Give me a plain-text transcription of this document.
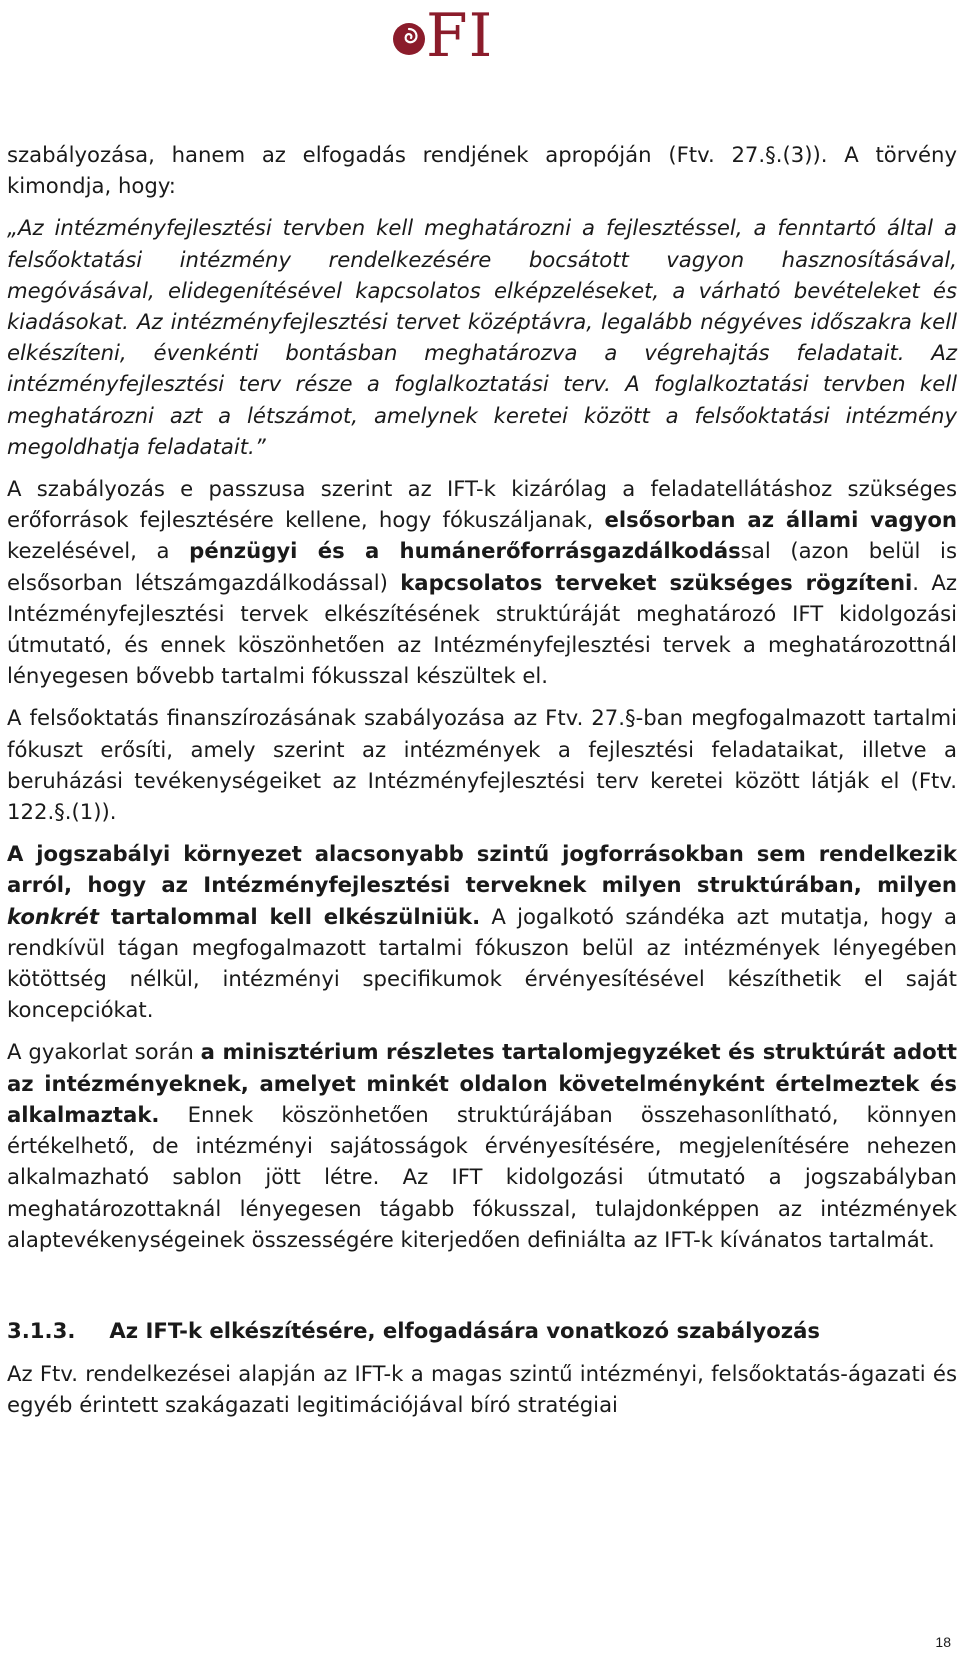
FI

szabályozása, hanem az elfogadás rendjének apropóján (Ftv. 27.§.(3)). A törvény kimondja, hogy:

„Az intézményfejlesztési tervben kell meghatározni a fejlesztéssel, a fenntartó által a felsőoktatási intézmény rendelkezésére bocsátott vagyon hasznosításával, megóvásával, elidegenítésével kapcsolatos elképzeléseket, a várható bevételeket és kiadásokat. Az intézményfejlesztési tervet középtávra, legalább négyéves időszakra kell elkészíteni, évenkénti bontásban meghatározva a végrehajtás feladatait. Az intézményfejlesztési terv része a foglalkoztatási terv. A foglalkoztatási tervben kell meghatározni azt a létszámot, amelynek keretei között a felsőoktatási intézmény megoldhatja feladatait.”

A szabályozás e passzusa szerint az IFT-k kizárólag a feladatellátáshoz szükséges erőforrások fejlesztésére kellene, hogy fókuszáljanak, elsősorban az állami vagyon kezelésével, a pénzügyi és a humánerőforrásgazdálkodással (azon belül is elsősorban létszámgazdálkodással) kapcsolatos terveket szükséges rögzíteni. Az Intézményfejlesztési tervek elkészítésének struktúráját meghatározó IFT kidolgozási útmutató, és ennek köszönhetően az Intézményfejlesztési tervek a meghatározottnál lényegesen bővebb tartalmi fókusszal készültek el.

A felsőoktatás finanszírozásának szabályozása az Ftv. 27.§-ban megfogalmazott tartalmi fókuszt erősíti, amely szerint az intézmények a fejlesztési feladataikat, illetve a beruházási tevékenységeiket az Intézményfejlesztési terv keretei között látják el (Ftv. 122.§.(1)).

A jogszabályi környezet alacsonyabb szintű jogforrásokban sem rendelkezik arról, hogy az Intézményfejlesztési terveknek milyen struktúrában, milyen konkrét tartalommal kell elkészülniük. A jogalkotó szándéka azt mutatja, hogy a rendkívül tágan megfogalmazott tartalmi fókuszon belül az intézmények lényegében kötöttség nélkül, intézményi specifikumok érvényesítésével készíthetik el saját koncepciókat.

A gyakorlat során a minisztérium részletes tartalomjegyzéket és struktúrát adott az intézményeknek, amelyet minkét oldalon követelményként értelmeztek és alkalmaztak. Ennek köszönhetően struktúrájában összehasonlítható, könnyen értékelhető, de intézményi sajátosságok érvényesítésére, megjelenítésére nehezen alkalmazható sablon jött létre. Az IFT kidolgozási útmutató a jogszabályban meghatározottaknál lényegesen tágabb fókusszal, tulajdonképpen az intézmények alaptevékenységeinek összességére kiterjedően definiálta az IFT-k kívánatos tartalmát.

3.1.3. Az IFT-k elkészítésére, elfogadására vonatkozó szabályozás

Az Ftv. rendelkezései alapján az IFT-k a magas szintű intézményi, felsőoktatás-ágazati és egyéb érintett szakágazati legitimációjával bíró stratégiai

18
